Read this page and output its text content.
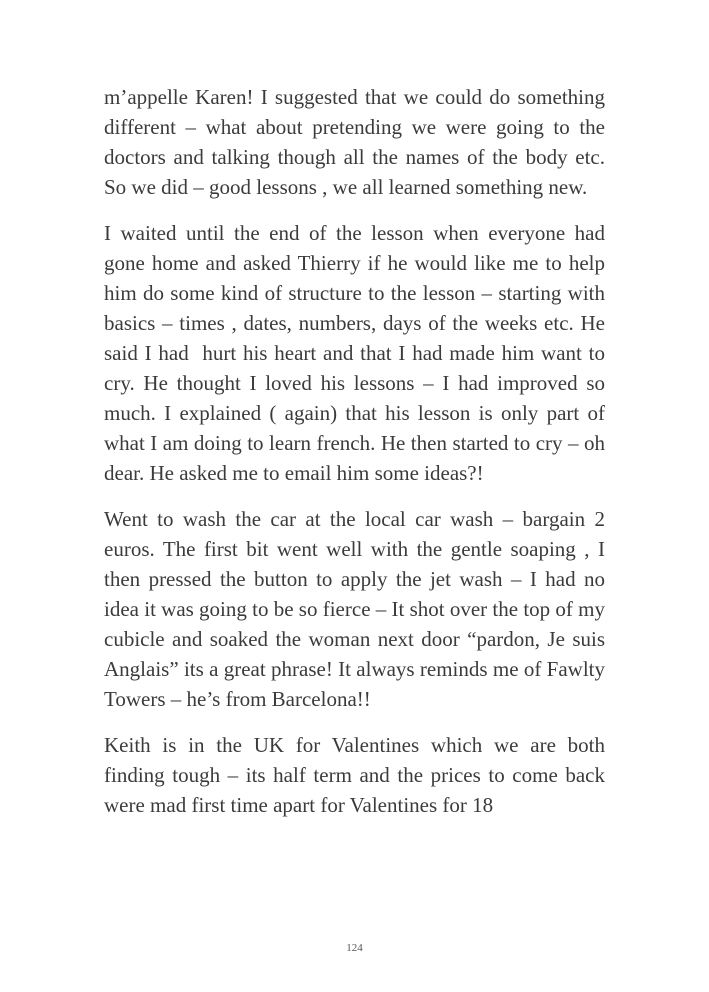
m’appelle Karen! I suggested that we could do something different – what about pretending we were going to the doctors and talking though all the names of the body etc. So we did – good lessons , we all learned something new.

I waited until the end of the lesson when everyone had gone home and asked Thierry if he would like me to help him do some kind of structure to the lesson – starting with basics – times , dates, numbers, days of the weeks etc. He said I had  hurt his heart and that I had made him want to cry. He thought I loved his lessons – I had improved so much. I explained ( again) that his lesson is only part of what I am doing to learn french. He then started to cry – oh dear. He asked me to email him some ideas?!

Went to wash the car at the local car wash – bargain 2 euros. The first bit went well with the gentle soaping , I then pressed the button to apply the jet wash – I had no idea it was going to be so fierce – It shot over the top of my cubicle and soaked the woman next door “pardon, Je suis Anglais” its a great phrase! It always reminds me of Fawlty Towers – he’s from Barcelona!!

Keith is in the UK for Valentines which we are both finding tough – its half term and the prices to come back were mad first time apart for Valentines for 18

124
